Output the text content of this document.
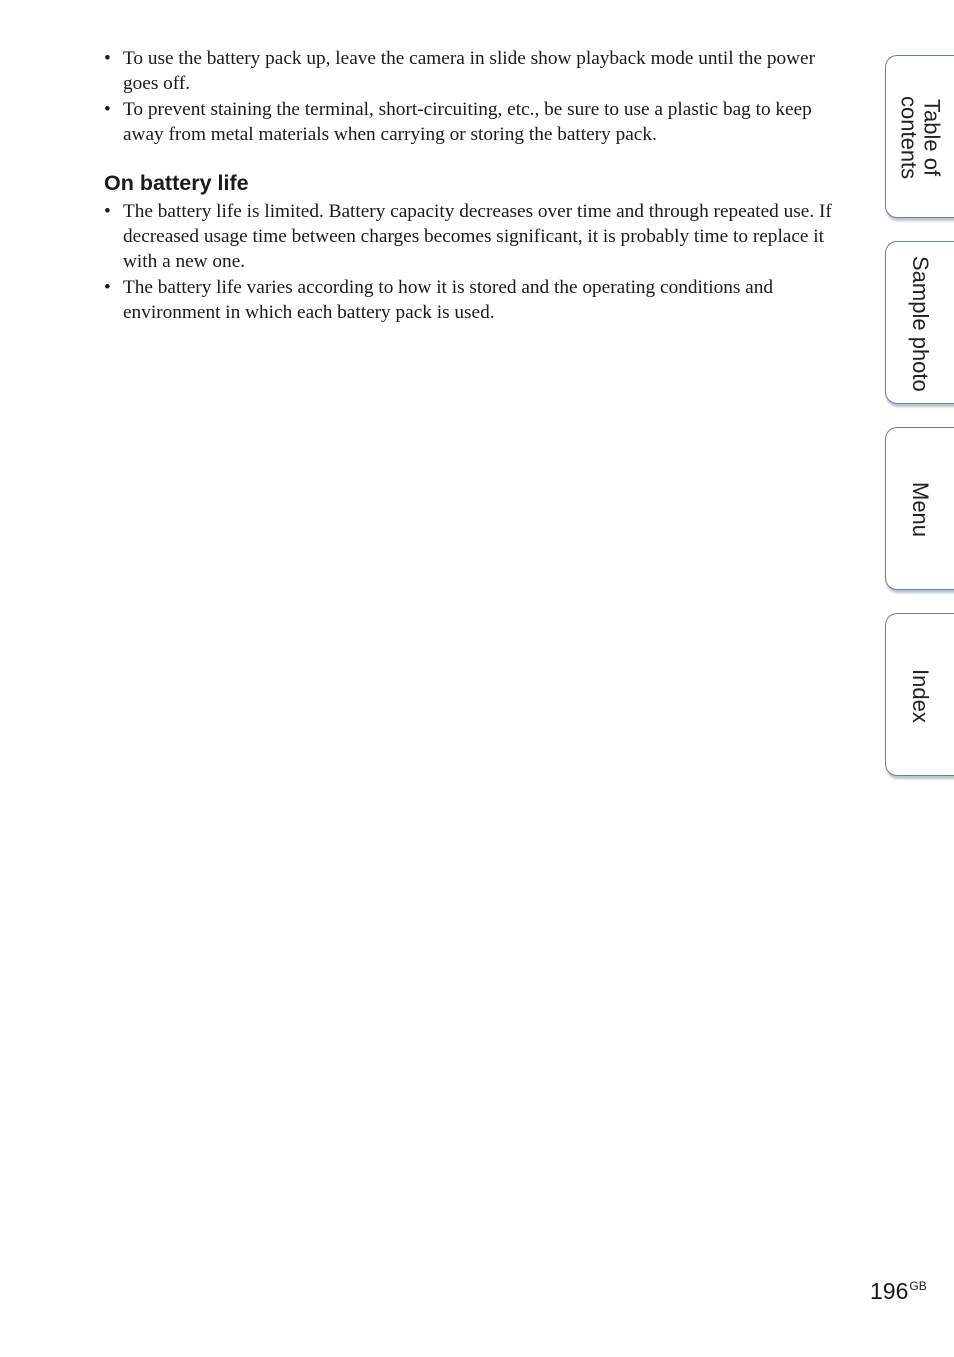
• To use the battery pack up, leave the camera in slide show playback mode until the power goes off.
• To prevent staining the terminal, short-circuiting, etc., be sure to use a plastic bag to keep away from metal materials when carrying or storing the battery pack.
On battery life
• The battery life is limited. Battery capacity decreases over time and through repeated use. If decreased usage time between charges becomes significant, it is probably time to replace it with a new one.
• The battery life varies according to how it is stored and the operating conditions and environment in which each battery pack is used.
Table of
contents
Sample photo
Menu
Index
$196^{GB}$
